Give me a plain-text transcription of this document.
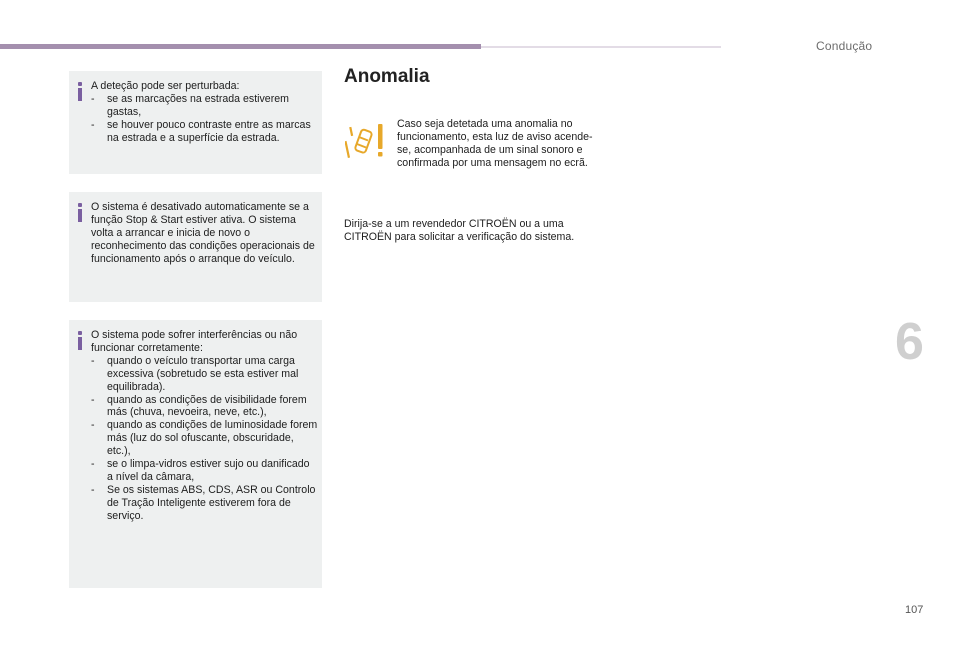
Condução
6
107

A deteção pode ser perturbada:

- se as marcações na estrada estiverem gastas,
- se houver pouco contraste entre as marcas na estrada e a superfície da estrada.

O sistema é desativado automaticamente se a função Stop & Start estiver ativa. O sistema volta a arrancar e inicia de novo o reconhecimento das condições operacionais de funcionamento após o arranque do veículo.

O sistema pode sofrer interferências ou não funcionar corretamente:

- quando o veículo transportar uma carga excessiva (sobretudo se esta estiver mal equilibrada).
- quando as condições de visibilidade forem más (chuva, nevoeira, neve, etc.),
- quando as condições de luminosidade forem más (luz do sol ofuscante, obscuridade, etc.),
- se o limpa-vidros estiver sujo ou danificado a nível da câmara,
- Se os sistemas ABS, CDS, ASR ou Controlo de Tração Inteligente estiverem fora de serviço.
Anomalia
Caso seja detetada uma anomalia no funcionamento, esta luz de aviso acende-se, acompanhada de um sinal sonoro e confirmada por uma mensagem no ecrã.
Dirija-se a um revendedor CITROËN ou a uma CITROËN para solicitar a verificação do sistema.
